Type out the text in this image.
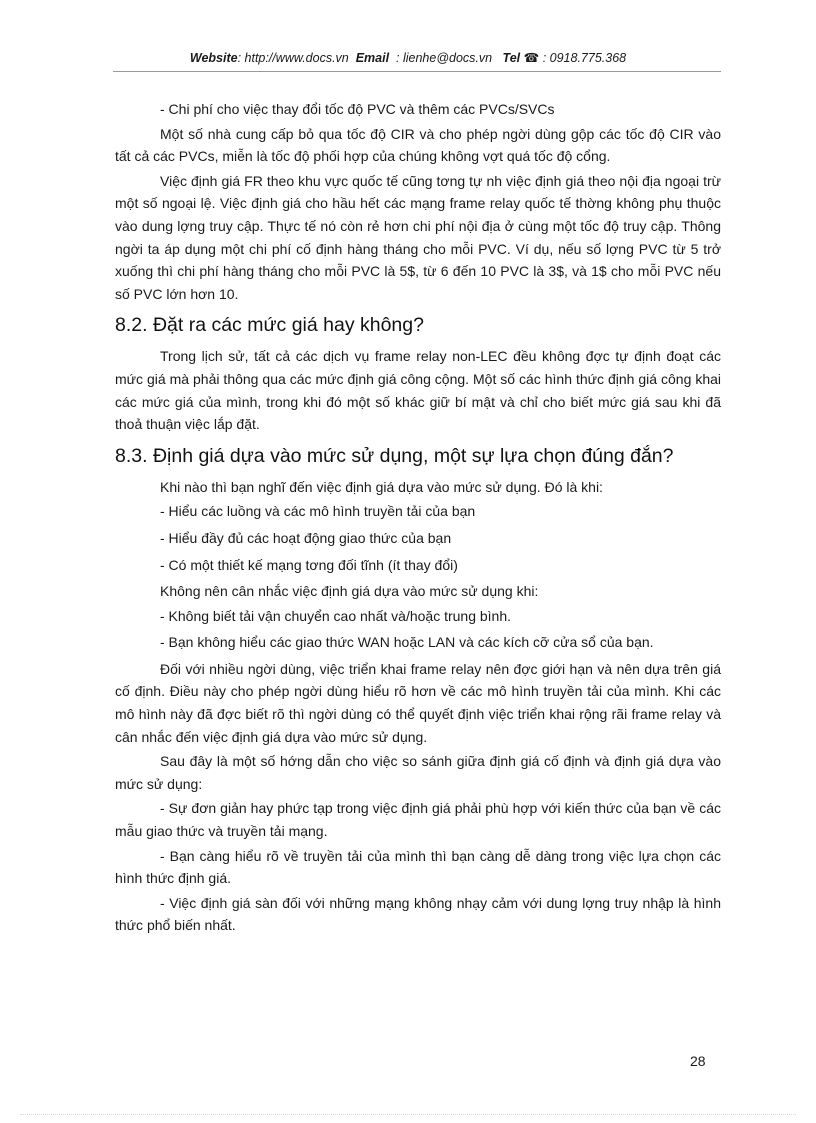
Website: http://www.docs.vn Email : lienhe@docs.vn Tel ☎ : 0918.775.368

- Chi phí cho việc thay đổi tốc độ PVC và thêm các PVCs/SVCs

Một số nhà cung cấp bỏ qua tốc độ CIR và cho phép ngời dùng gộp các tốc độ CIR vào tất cả các PVCs, miễn là tốc độ phối hợp của chúng không vợt quá tốc độ cổng.

Việc định giá FR theo khu vực quốc tế cũng tơng tự nh việc định giá theo nội địa ngoại trừ một số ngoại lệ. Việc định giá cho hầu hết các mạng frame relay quốc tế thờng không phụ thuộc vào dung lợng truy cập. Thực tế nó còn rẻ hơn chi phí nội địa ở cùng một tốc độ truy cập. Thông ngời ta áp dụng một chi phí cố định hàng tháng cho mỗi PVC. Ví dụ, nếu số lợng PVC từ 5 trở xuống thì chi phí hàng tháng cho mỗi PVC là 5$, từ 6 đến 10 PVC là 3$, và 1$ cho mỗi PVC nếu số PVC lớn hơn 10.

8.2. Đặt ra các mức giá hay không?

Trong lịch sử, tất cả các dịch vụ frame relay non-LEC đều không đợc tự định đoạt các mức giá mà phải thông qua các mức định giá công cộng. Một số các hình thức định giá công khai các mức giá của mình, trong khi đó một số khác giữ bí mật và chỉ cho biết mức giá sau khi đã thoả thuận việc lắp đặt.

8.3. Định giá dựa vào mức sử dụng, một sự lựa chọn đúng đắn?

Khi nào thì bạn nghĩ đến việc định giá dựa vào mức sử dụng. Đó là khi:

- Hiểu các luồng và các mô hình truyền tải của bạn

- Hiểu đầy đủ các hoạt động giao thức của bạn

- Có một thiết kế mạng tơng đối tĩnh (ít thay đổi)

Không nên cân nhắc việc định giá dựa vào mức sử dụng khi:

- Không biết tải vận chuyển cao nhất và/hoặc trung bình.

- Bạn không hiểu các giao thức WAN hoặc LAN và các kích cỡ cửa sổ của bạn.

Đối với nhiều ngời dùng, việc triển khai frame relay nên đợc giới hạn và nên dựa trên giá cố định. Điều này cho phép ngời dùng hiểu rõ hơn về các mô hình truyền tải của mình. Khi các mô hình này đã đợc biết rõ thì ngời dùng có thể quyết định việc triển khai rộng rãi frame relay và cân nhắc đến việc định giá dựa vào mức sử dụng.

Sau đây là một số hớng dẫn cho việc so sánh giữa định giá cố định và định giá dựa vào mức sử dụng:

- Sự đơn giản hay phức tạp trong việc định giá phải phù hợp với kiến thức của bạn về các mẫu giao thức và truyền tải mạng.

- Bạn càng hiểu rõ về truyền tải của mình thì bạn càng dễ dàng trong việc lựa chọn các hình thức định giá.

- Việc định giá sàn đối với những mạng không nhạy cảm với dung lợng truy nhập là hình thức phổ biến nhất.

28
